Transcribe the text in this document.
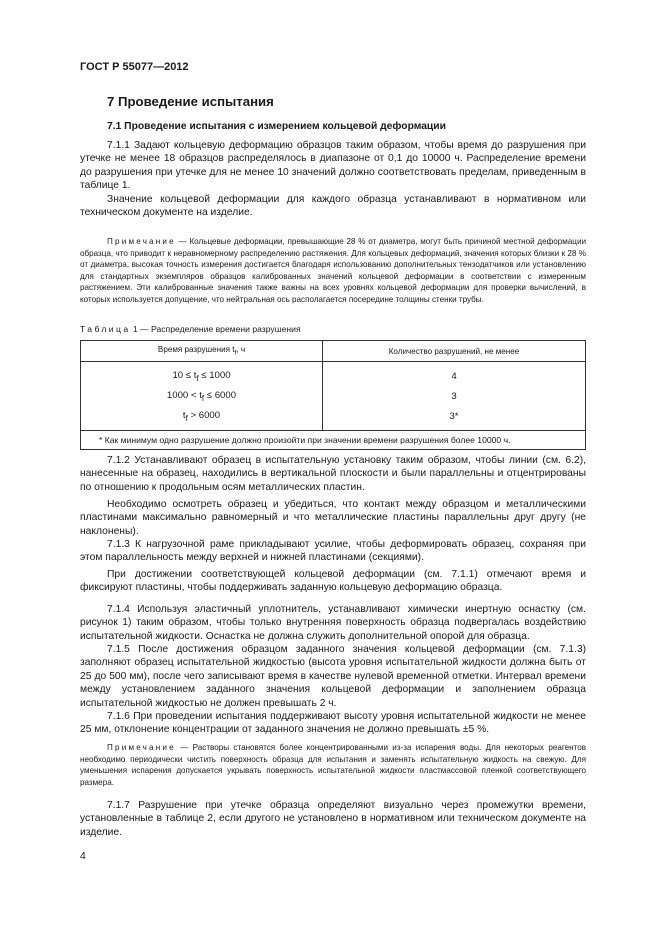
ГОСТ Р 55077—2012
7 Проведение испытания
7.1 Проведение испытания с измерением кольцевой деформации

7.1.1 Задают кольцевую деформацию образцов таким образом, чтобы время до разрушения при утечке не менее 18 образцов распределялось в диапазоне от 0,1 до 10000 ч. Распределение времени до разрушения при утечке для не менее 10 значений должно соответствовать пределам, приведенным в таблице 1.

Значение кольцевой деформации для каждого образца устанавливают в нормативном или техническом документе на изделие.

Примечание — Кольцевые деформации, превышающие 28 % от диаметра, могут быть причиной местной деформации образца, что приводит к неравномерному распределению растяжения. Для кольцевых деформаций, значения которых близки к 28 % от диаметра, высокая точность измерения достигается благодаря использованию дополнительных тензодатчиков или установлению для стандартных экземпляров образцов калиброванных значений кольцевой деформации в соответствии с измеренным растяжением. Эти калиброванные значения также важны на всех уровнях кольцевой деформации для проверки вычислений, в которых используется допущение, что нейтральная ось располагается посередине толщины стенки трубы.

Таблица 1 — Распределение времени разрушения
Время разрушения $t_f$, ч	Количество разрушений, не менее
$10 \le t_f \le 1000$	4
$1000 < t_f \le 6000$	3
$t_f > 6000$	3*
* Как минимум одно разрушение должно произойти при значении времени разрушения более 10000 ч.	

7.1.2 Устанавливают образец в испытательную установку таким образом, чтобы линии (см. 6.2), нанесенные на образец, находились в вертикальной плоскости и были параллельны и отцентрированы по отношению к продольным осям металлических пластин.

Необходимо осмотреть образец и убедиться, что контакт между образцом и металлическими пластинами максимально равномерный и что металлические пластины параллельны друг другу (не наклонены).

7.1.3 К нагрузочной раме прикладывают усилие, чтобы деформировать образец, сохраняя при этом параллельность между верхней и нижней пластинами (секциями).

При достижении соответствующей кольцевой деформации (см. 7.1.1) отмечают время и фиксируют пластины, чтобы поддерживать заданную кольцевую деформацию образца.

7.1.4 Используя эластичный уплотнитель, устанавливают химически инертную оснастку (см. рисунок 1) таким образом, чтобы только внутренняя поверхность образца подвергалась воздействию испытательной жидкости. Оснастка не должна служить дополнительной опорой для образца.

7.1.5 После достижения образцом заданного значения кольцевой деформации (см. 7.1.3) заполняют образец испытательной жидкостью (высота уровня испытательной жидкости должна быть от 25 до 500 мм), после чего записывают время в качестве нулевой временной отметки. Интервал времени между установлением заданного значения кольцевой деформации и заполнением образца испытательной жидкостью не должен превышать 2 ч.

7.1.6 При проведении испытания поддерживают высоту уровня испытательной жидкости не менее 25 мм, отклонение концентрации от заданного значения не должно превышать ±5 %.

Примечание — Растворы становятся более концентрированными из-за испарения воды. Для некоторых реагентов необходимо периодически чистить поверхность образца для испытания и заменять испытательную жидкость на свежую. Для уменьшения испарения допускается укрывать поверхность испытательной жидкости пластмассовой пленкой соответствующего размера.

7.1.7 Разрушение при утечке образца определяют визуально через промежутки времени, установленные в таблице 2, если другого не установлено в нормативном или техническом документе на изделие.

4
